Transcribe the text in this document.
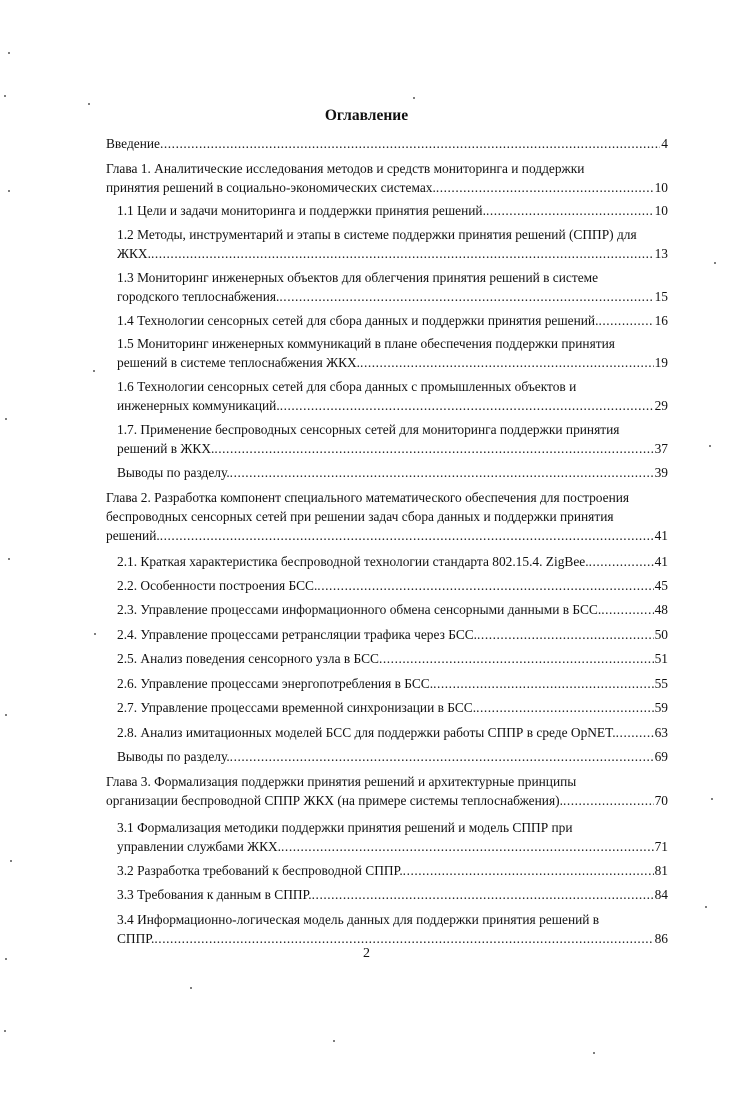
Оглавление
Введение . . .	4
Глава 1. Аналитические исследования методов и средств мониторинга и поддержки
принятия решений в социально-экономических системах. . . .	10
1.1 Цели и задачи мониторинга и поддержки принятия решений. . . .	10
1.2 Методы, инструментарий и этапы в системе поддержки принятия решений (СППР) для
ЖКХ. . . .	13
1.3 Мониторинг инженерных объектов для облегчения принятия решений в системе
городского теплоснабжения. . . .	15
1.4 Технологии сенсорных сетей для сбора данных и поддержки принятия решений. . . .	16
1.5 Мониторинг инженерных коммуникаций в плане обеспечения поддержки принятия
решений в системе теплоснабжения ЖКХ. . . .	19
1.6 Технологии сенсорных сетей для сбора данных с промышленных объектов и
инженерных коммуникаций. . . .	29
1.7. Применение беспроводных сенсорных сетей для мониторинга поддержки принятия
решений в ЖКХ. . . .	37
Выводы по разделу. . . .	39
Глава 2. Разработка компонент специального математического обеспечения для построения
беспроводных сенсорных сетей при решении задач сбора данных и поддержки принятия
решений. . . .	41
2.1. Краткая характеристика беспроводной технологии стандарта 802.15.4. ZigBee. . . .	41
2.2. Особенности построения БСС. . . .	45
2.3. Управление процессами информационного обмена сенсорными данными в БСС. . . .	48
2.4. Управление процессами ретрансляции трафика через БСС. . . .	50
2.5. Анализ поведения сенсорного узла в БСС . . .	51
2.6. Управление процессами энергопотребления в БСС. . . .	55
2.7. Управление процессами временной синхронизации в БСС. . . .	59
2.8. Анализ имитационных моделей БСС для поддержки работы СППР в среде OpNET. . . .	63
Выводы по разделу. . . .	69
Глава 3. Формализация поддержки принятия решений и архитектурные принципы
организации беспроводной СППР ЖКХ (на примере системы теплоснабжения). . . .	70
3.1 Формализация методики поддержки принятия решений и модель СППР при
управлении службами ЖКХ. . . .	71
3.2 Разработка требований к беспроводной СППР. . . .	81
3.3 Требования к данным в СППР. . . .	84
3.4 Информационно-логическая модель данных для поддержки принятия решений в
СППР. . . .	86
2
